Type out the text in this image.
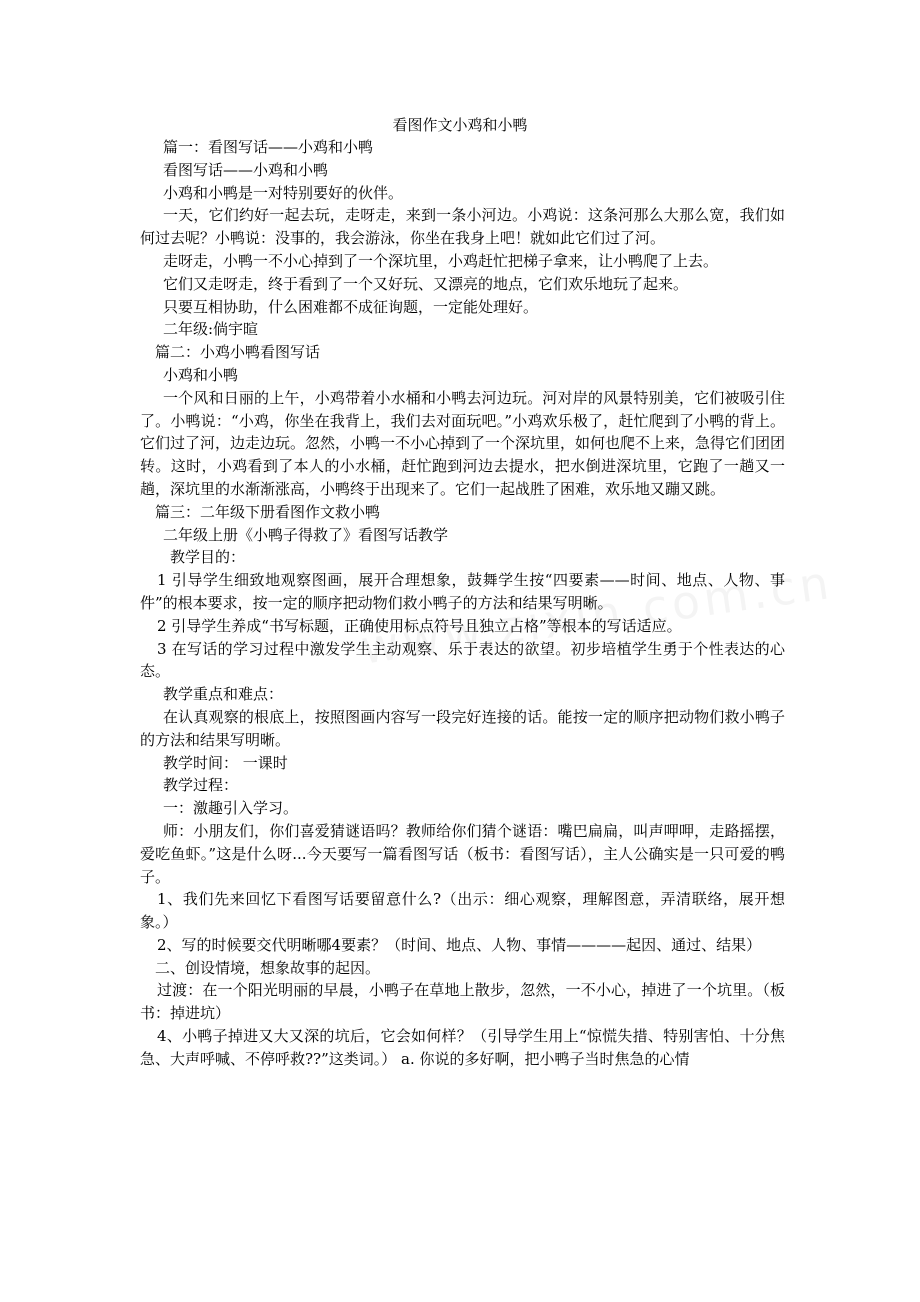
看图作文小鸡和小鸭

篇一：看图写话——小鸡和小鸭

看图写话——小鸡和小鸭

小鸡和小鸭是一对特别要好的伙伴。

一天，它们约好一起去玩，走呀走，来到一条小河边。小鸡说：这条河那么大那么宽，我们如何过去呢？小鸭说：没事的，我会游泳，你坐在我身上吧！就如此它们过了河。

走呀走，小鸭一不小心掉到了一个深坑里，小鸡赶忙把梯子拿来，让小鸭爬了上去。

它们又走呀走，终于看到了一个又好玩、又漂亮的地点，它们欢乐地玩了起来。

只要互相协助，什么困难都不成征询题，一定能处理好。

二年级:倘宇暄

篇二：小鸡小鸭看图写话

小鸡和小鸭

一个风和日丽的上午，小鸡带着小水桶和小鸭去河边玩。河对岸的风景特别美，它们被吸引住了。小鸭说：“小鸡，你坐在我背上，我们去对面玩吧。”小鸡欢乐极了，赶忙爬到了小鸭的背上。它们过了河，边走边玩。忽然，小鸭一不小心掉到了一个深坑里，如何也爬不上来，急得它们团团转。这时，小鸡看到了本人的小水桶，赶忙跑到河边去提水，把水倒进深坑里，它跑了一趟又一趟，深坑里的水渐渐涨高，小鸭终于出现来了。它们一起战胜了困难，欢乐地又蹦又跳。

篇三：二年级下册看图作文救小鸭

二年级上册《小鸭子得救了》看图写话教学

教学目的：

1 引导学生细致地观察图画，展开合理想象，鼓舞学生按“四要素——时间、地点、人物、事件”的根本要求，按一定的顺序把动物们救小鸭子的方法和结果写明晰。

2 引导学生养成“书写标题，正确使用标点符号且独立占格”等根本的写话适应。

3 在写话的学习过程中激发学生主动观察、乐于表达的欲望。初步培植学生勇于个性表达的心态。

教学重点和难点：

在认真观察的根底上，按照图画内容写一段完好连接的话。能按一定的顺序把动物们救小鸭子的方法和结果写明晰。

教学时间： 一课时

教学过程：

一：激趣引入学习。

师：小朋友们，你们喜爱猜谜语吗？教师给你们猜个谜语：嘴巴扁扁，叫声呷呷，走路摇摆，爱吃鱼虾。”这是什么呀...今天要写一篇看图写话（板书：看图写话），主人公确实是一只可爱的鸭子。

1、我们先来回忆下看图写话要留意什么?（出示：细心观察，理解图意，弄清联络，展开想象。）

2、写的时候要交代明晰哪4要素？（时间、地点、人物、事情————起因、通过、结果）

二、创设情境，想象故事的起因。

过渡：在一个阳光明丽的早晨，小鸭子在草地上散步，忽然，一不小心，掉进了一个坑里。（板书：掉进坑）

4、小鸭子掉进又大又深的坑后，它会如何样？（引导学生用上“惊慌失措、特别害怕、十分焦急、大声呼喊、不停呼救??”这类词。） a. 你说的多好啊，把小鸭子当时焦急的心情
